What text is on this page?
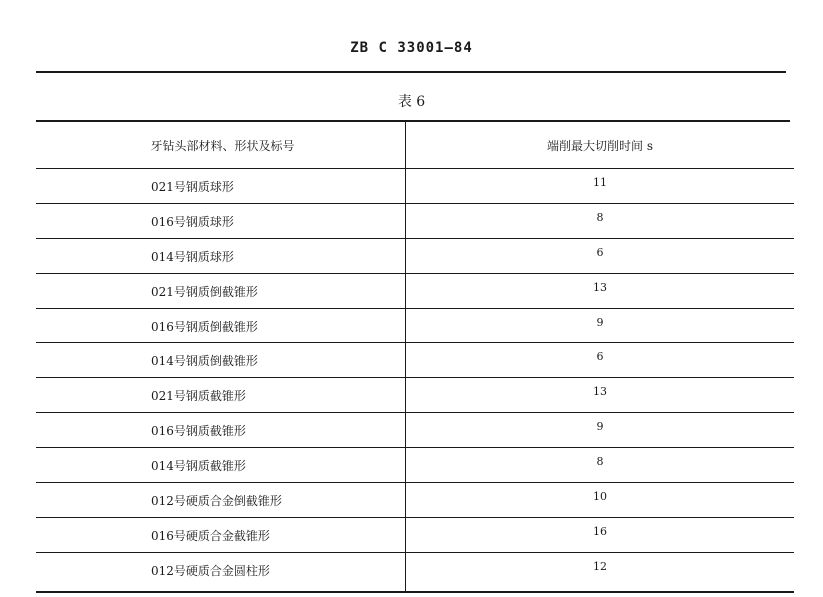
ZB C 33001—84
表 6
牙钻头部材料、形状及标号	端削最大切削时间 s
021号钢质球形	11
016号钢质球形	8
014号钢质球形	6
021号钢质倒截锥形	13
016号钢质倒截锥形	9
014号钢质倒截锥形	6
021号钢质截锥形	13
016号钢质截锥形	9
014号钢质截锥形	8
012号硬质合金倒截锥形	10
016号硬质合金截锥形	16
012号硬质合金圆柱形	12
